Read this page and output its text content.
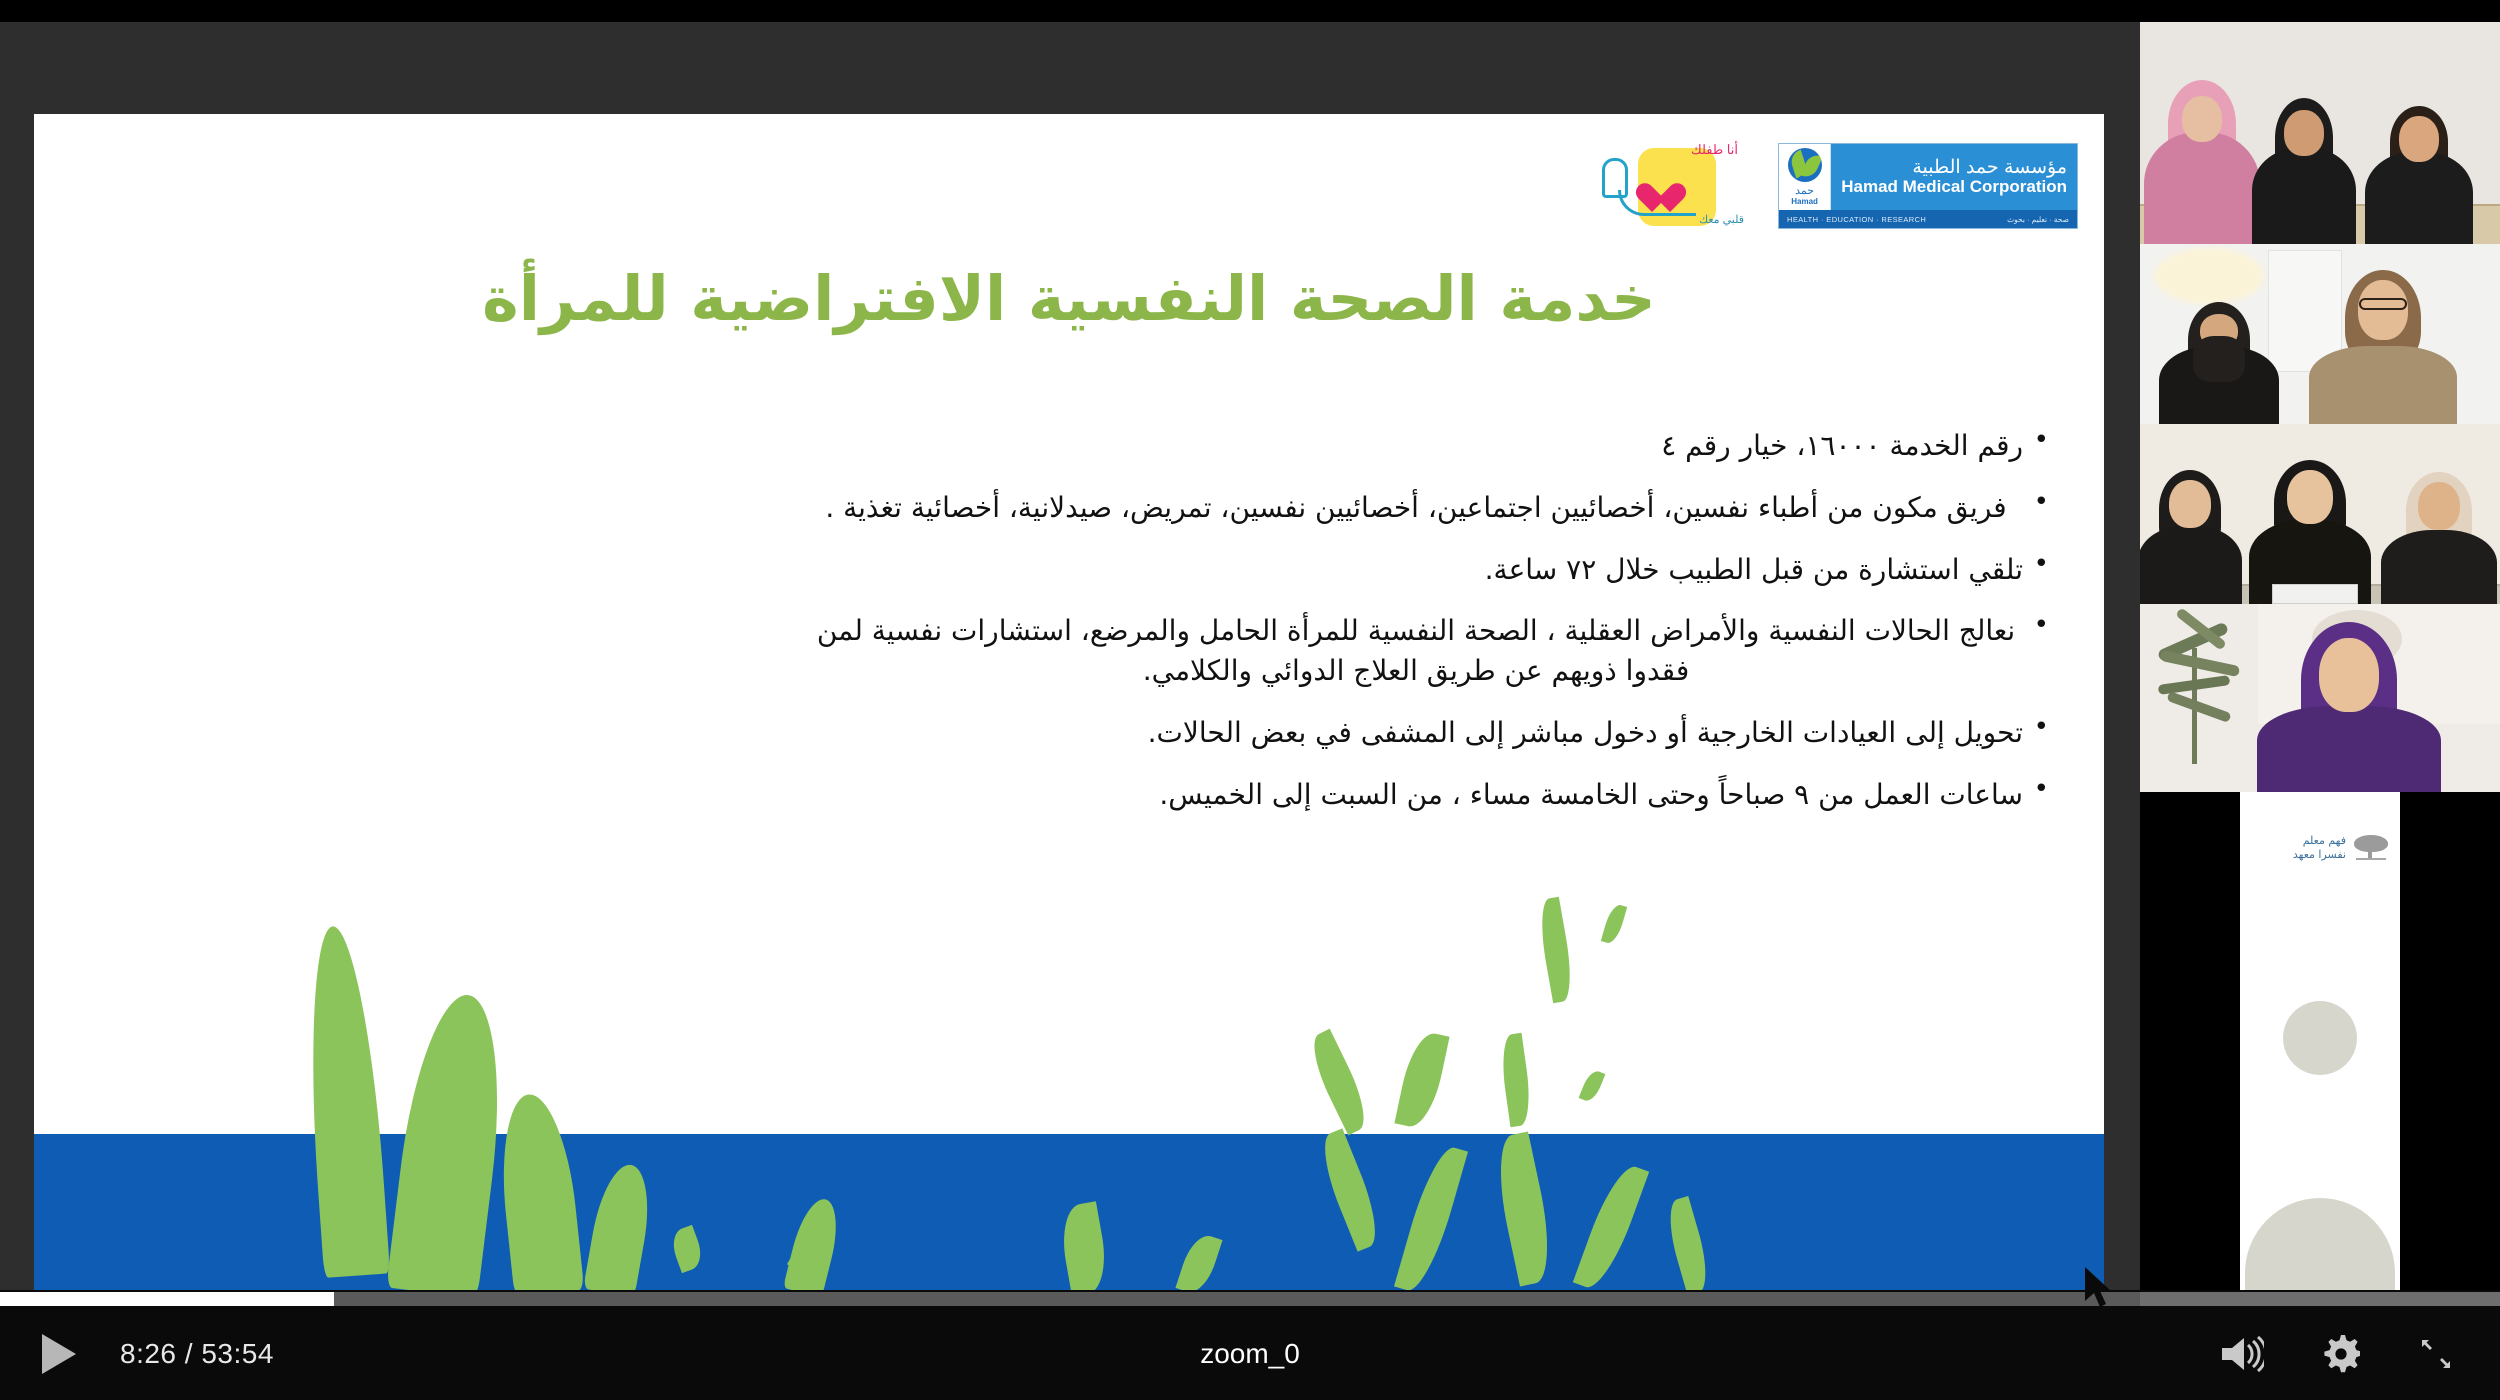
أنا طفلك
قلبي معك
حمد
Hamad
مؤسسة حمد الطبية
Hamad Medical Corporation
HEALTH · EDUCATION · RESEARCH	صحة · تعليم · بحوث
خدمة الصحة النفسية الافتراضية للمرأة
•
رقم الخدمة ١٦٠٠٠، خيار رقم ٤
•
فريق مكون من أطباء نفسين، أخصائيين اجتماعين، أخصائيين نفسين، تمريض، صيدلانية، أخصائية تغذية .
•
تلقي استشارة من قبل الطبيب خلال ٧٢ ساعة.
•
نعالج الحالات النفسية والأمراض العقلية ، الصحة النفسية للمرأة الحامل والمرضع، استشارات نفسية لمن فقدوا ذويهم عن طريق العلاج الدوائي والكلامي.
•
تحويل إلى العيادات الخارجية أو دخول مباشر إلى المشفى في بعض الحالات.
•
ساعات العمل من ٩ صباحاً وحتى الخامسة مساء ، من السبت إلى الخميس.
فهم معلم
نفسرا معهد
8:26 / 53:54	zoom_0
